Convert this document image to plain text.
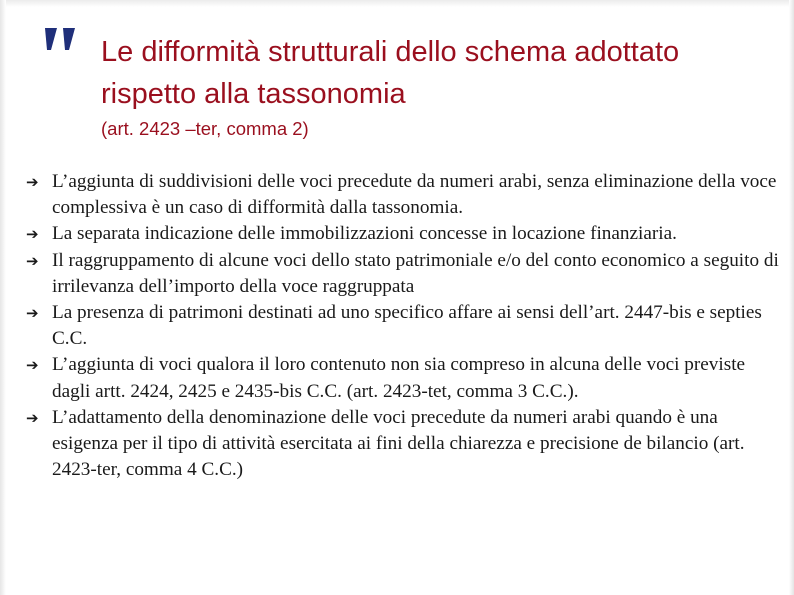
Le difformità strutturali dello schema adottato rispetto alla tassonomia
(art. 2423 –ter, comma 2)
➔ L’aggiunta di suddivisioni delle voci precedute da numeri arabi, senza eliminazione della voce complessiva è un caso di difformità dalla tassonomia.
➔ La separata indicazione delle immobilizzazioni concesse in locazione finanziaria.
➔ Il raggruppamento di alcune voci dello stato patrimoniale e/o del conto economico a seguito di irrilevanza dell’importo della voce raggruppata
➔ La presenza di patrimoni destinati ad uno specifico affare ai sensi dell’art. 2447-bis e septies C.C.
➔ L’aggiunta di voci qualora il loro contenuto non sia compreso in alcuna delle voci previste dagli artt. 2424, 2425 e 2435-bis C.C. (art. 2423-tet, comma 3 C.C.).
➔ L’adattamento della denominazione delle voci precedute da numeri arabi quando è una esigenza per il tipo di attività esercitata ai fini della chiarezza e precisione de bilancio (art. 2423-ter, comma 4 C.C.)
